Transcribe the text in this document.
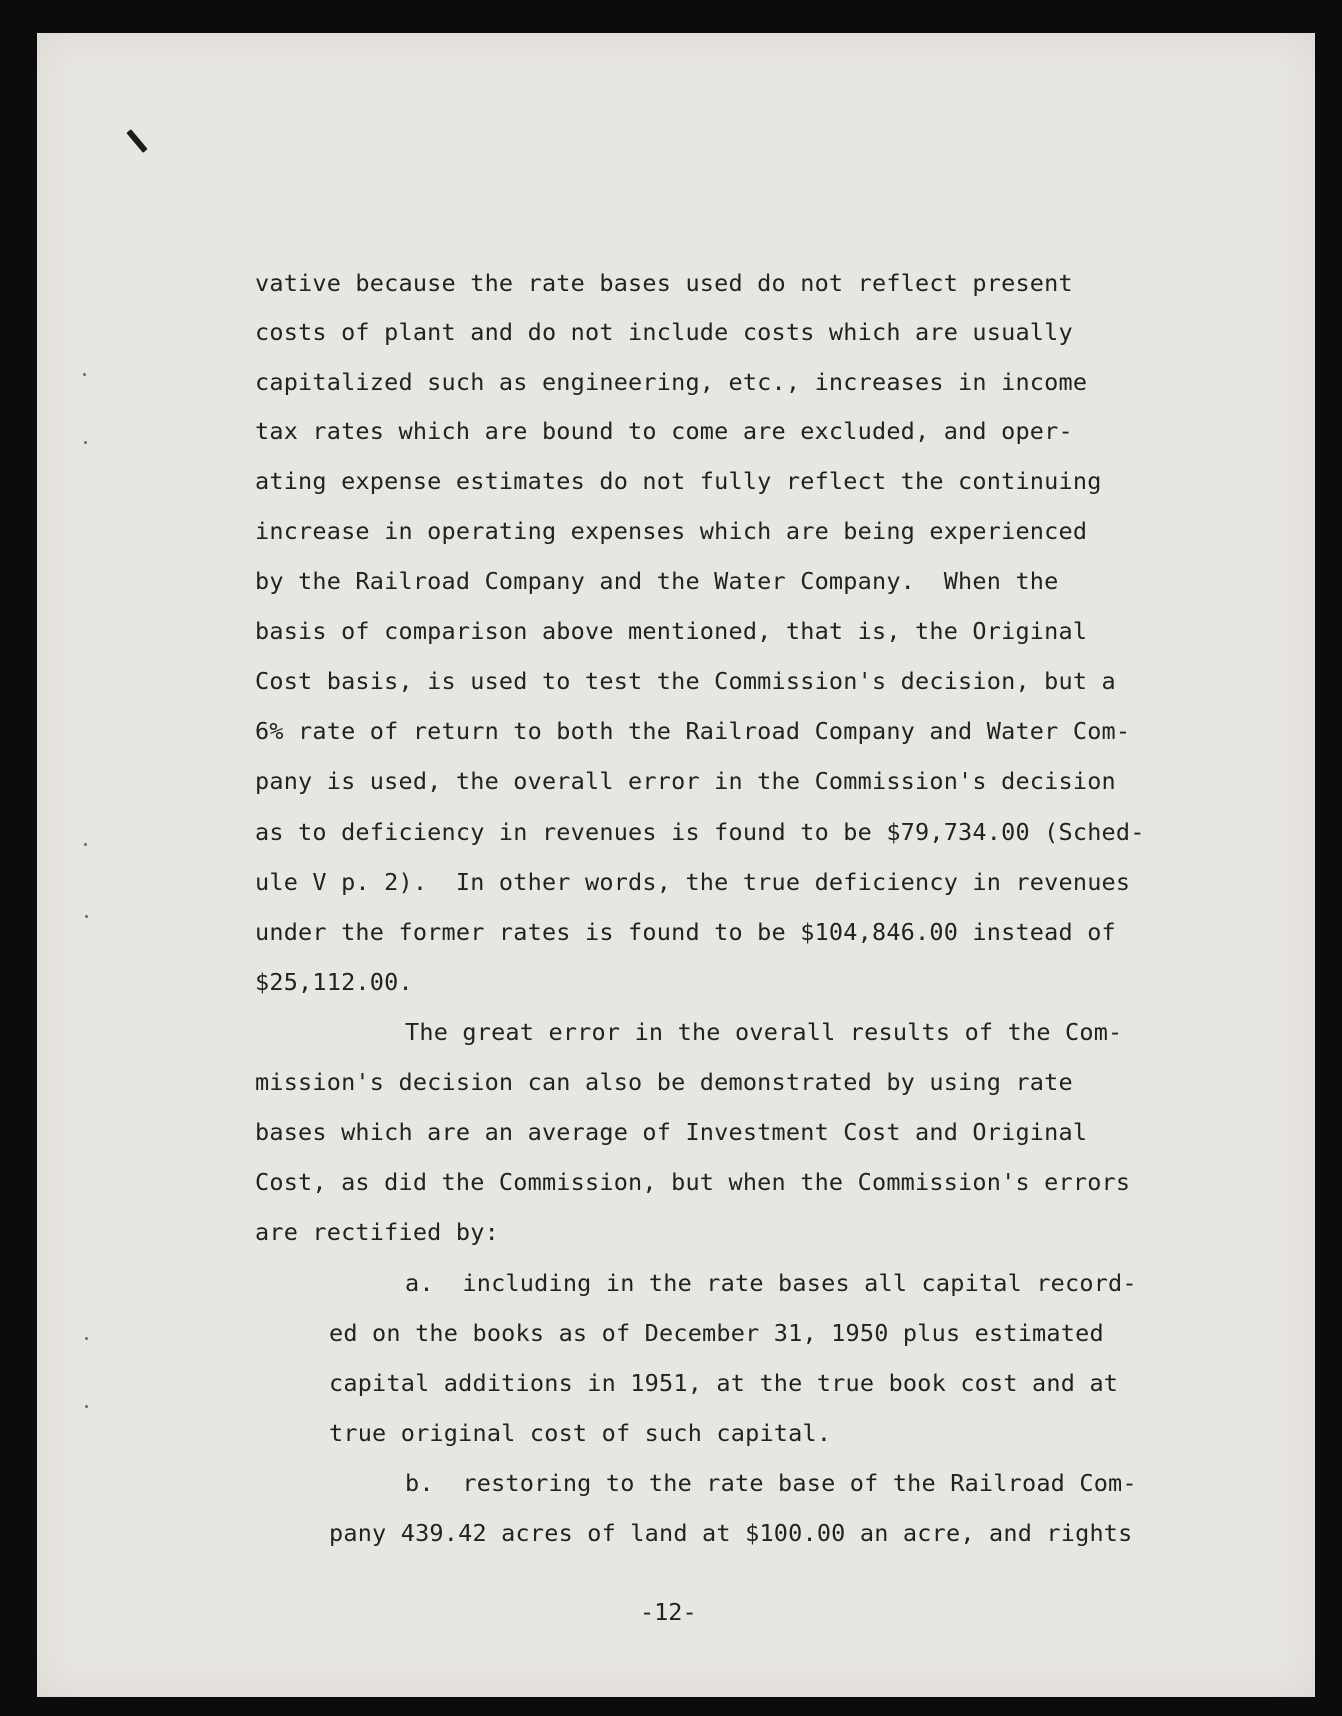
vative because the rate bases used do not reflect present
costs of plant and do not include costs which are usually
capitalized such as engineering, etc., increases in income
tax rates which are bound to come are excluded, and oper-
ating expense estimates do not fully reflect the continuing
increase in operating expenses which are being experienced
by the Railroad Company and the Water Company.  When the
basis of comparison above mentioned, that is, the Original
Cost basis, is used to test the Commission's decision, but a
6% rate of return to both the Railroad Company and Water Com-
pany is used, the overall error in the Commission's decision
as to deficiency in revenues is found to be $79,734.00 (Sched-
ule V p. 2).  In other words, the true deficiency in revenues
under the former rates is found to be $104,846.00 instead of
$25,112.00.
The great error in the overall results of the Com-
mission's decision can also be demonstrated by using rate
bases which are an average of Investment Cost and Original
Cost, as did the Commission, but when the Commission's errors
are rectified by:
a.  including in the rate bases all capital record-
ed on the books as of December 31, 1950 plus estimated
capital additions in 1951, at the true book cost and at
true original cost of such capital.
b.  restoring to the rate base of the Railroad Com-
pany 439.42 acres of land at $100.00 an acre, and rights
-12-
